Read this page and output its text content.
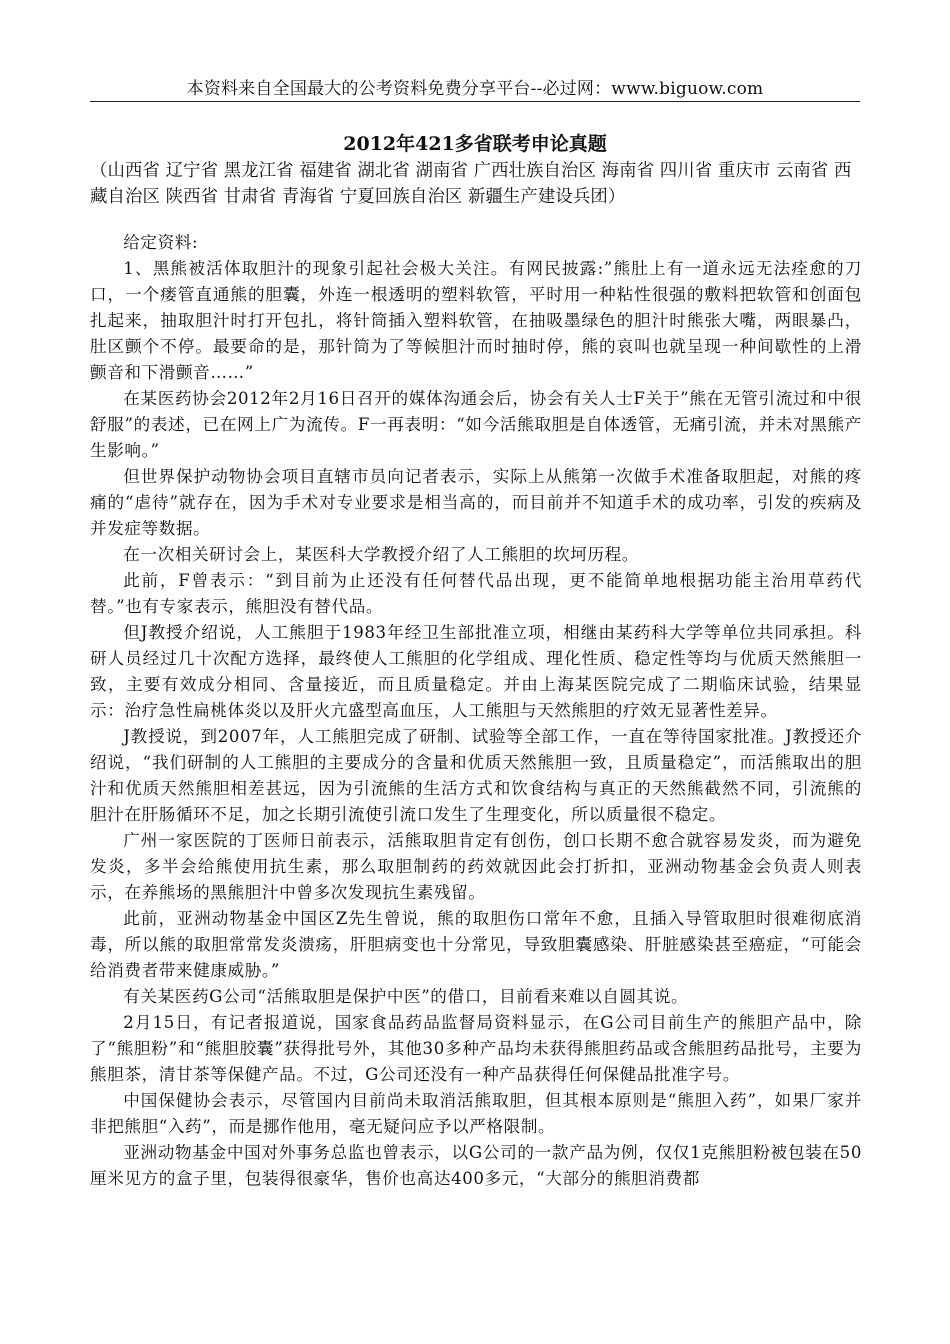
本资料来自全国最大的公考资料免费分享平台--必过网：www.biguow.com
2012年421多省联考申论真题
（山西省 辽宁省 黑龙江省 福建省 湖北省 湖南省 广西壮族自治区 海南省 四川省 重庆市 云南省 西藏自治区 陕西省 甘肃省 青海省 宁夏回族自治区 新疆生产建设兵团）

给定资料:

1、黑熊被活体取胆汁的现象引起社会极大关注。有网民披露:”熊肚上有一道永远无法痊愈的刀口，一个瘘管直通熊的胆囊，外连一根透明的塑料软管，平时用一种粘性很强的敷料把软管和创面包扎起来，抽取胆汁时打开包扎，将针筒插入塑料软管，在抽吸墨绿色的胆汁时熊张大嘴，两眼暴凸，肚区颤个不停。最要命的是，那针筒为了等候胆汁而时抽时停，熊的哀叫也就呈现一种间歇性的上滑颤音和下滑颤音……”

在某医药协会2012年2月16日召开的媒体沟通会后，协会有关人士F关于”熊在无管引流过和中很舒服”的表述，已在网上广为流传。F一再表明：“如今活熊取胆是自体透管，无痛引流，并未对黑熊产生影响。”

但世界保护动物协会项目直辖市员向记者表示，实际上从熊第一次做手术准备取胆起，对熊的疼痛的“虐待”就存在，因为手术对专业要求是相当高的，而目前并不知道手术的成功率，引发的疾病及并发症等数据。

在一次相关研讨会上，某医科大学教授介绍了人工熊胆的坎坷历程。

此前，F曾表示：“到目前为止还没有任何替代品出现，更不能简单地根据功能主治用草药代替。”也有专家表示，熊胆没有替代品。

但J教授介绍说，人工熊胆于1983年经卫生部批准立项，相继由某药科大学等单位共同承担。科研人员经过几十次配方选择，最终使人工熊胆的化学组成、理化性质、稳定性等均与优质天然熊胆一致，主要有效成分相同、含量接近，而且质量稳定。并由上海某医院完成了二期临床试验，结果显示：治疗急性扁桃体炎以及肝火亢盛型高血压，人工熊胆与天然熊胆的疗效无显著性差异。

J教授说，到2007年，人工熊胆完成了研制、试验等全部工作，一直在等待国家批准。J教授还介绍说，“我们研制的人工熊胆的主要成分的含量和优质天然熊胆一致，且质量稳定”，而活熊取出的胆汁和优质天然熊胆相差甚远，因为引流熊的生活方式和饮食结构与真正的天然熊截然不同，引流熊的胆汁在肝肠循环不足，加之长期引流使引流口发生了生理变化，所以质量很不稳定。

广州一家医院的丁医师日前表示，活熊取胆肯定有创伤，创口长期不愈合就容易发炎，而为避免发炎，多半会给熊使用抗生素，那么取胆制药的药效就因此会打折扣，亚洲动物基金会负责人则表示，在养熊场的黑熊胆汁中曾多次发现抗生素残留。

此前，亚洲动物基金中国区Z先生曾说，熊的取胆伤口常年不愈，且插入导管取胆时很难彻底消毒，所以熊的取胆常常发炎溃疡，肝胆病变也十分常见，导致胆囊感染、肝脏感染甚至癌症，“可能会给消费者带来健康威胁。”

有关某医药G公司“活熊取胆是保护中医”的借口，目前看来难以自圆其说。

2月15日，有记者报道说，国家食品药品监督局资料显示，在G公司目前生产的熊胆产品中，除了“熊胆粉”和“熊胆胶囊”获得批号外，其他30多种产品均未获得熊胆药品或含熊胆药品批号，主要为熊胆茶，清甘茶等保健产品。不过，G公司还没有一种产品获得任何保健品批准字号。

中国保健协会表示，尽管国内目前尚未取消活熊取胆，但其根本原则是“熊胆入药”，如果厂家并非把熊胆“入药”，而是挪作他用，毫无疑问应予以严格限制。

亚洲动物基金中国对外事务总监也曾表示，以G公司的一款产品为例，仅仅1克熊胆粉被包装在50厘米见方的盒子里，包装得很豪华，售价也高达400多元，“大部分的熊胆消费都
